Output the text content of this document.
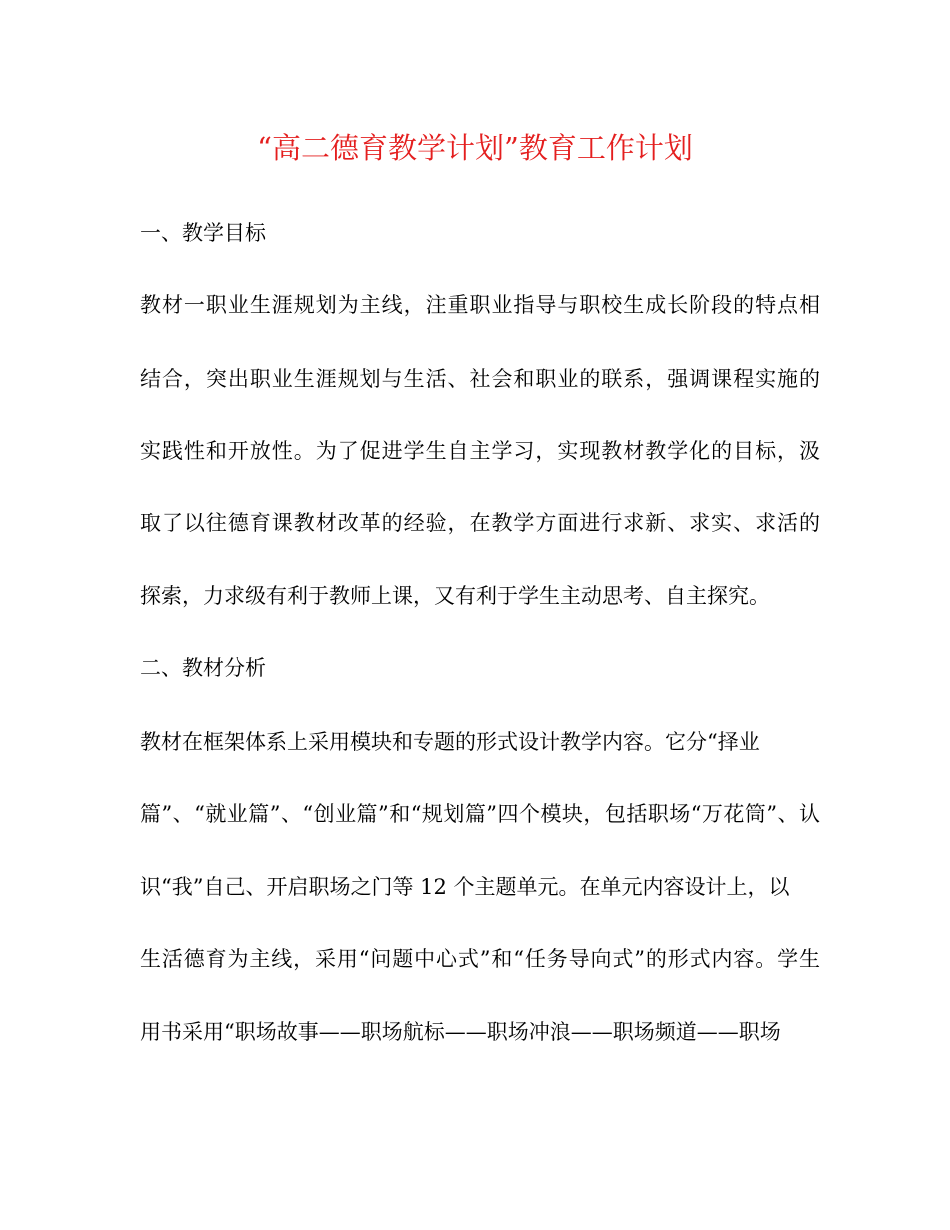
“高二德育教学计划”教育工作计划

一、教学目标

教材一职业生涯规划为主线，注重职业指导与职校生成长阶段的特点相

结合，突出职业生涯规划与生活、社会和职业的联系，强调课程实施的

实践性和开放性。为了促进学生自主学习，实现教材教学化的目标，汲

取了以往德育课教材改革的经验，在教学方面进行求新、求实、求活的

探索，力求级有利于教师上课，又有利于学生主动思考、自主探究。

二、教材分析

教材在框架体系上采用模块和专题的形式设计教学内容。它分“择业

篇”、“就业篇”、“创业篇”和“规划篇”四个模块，包括职场“万花筒”、认

识“我”自己、开启职场之门等 12 个主题单元。在单元内容设计上，以

生活德育为主线，采用“问题中心式”和“任务导向式”的形式内容。学生

用书采用“职场故事——职场航标——职场冲浪——职场频道——职场
